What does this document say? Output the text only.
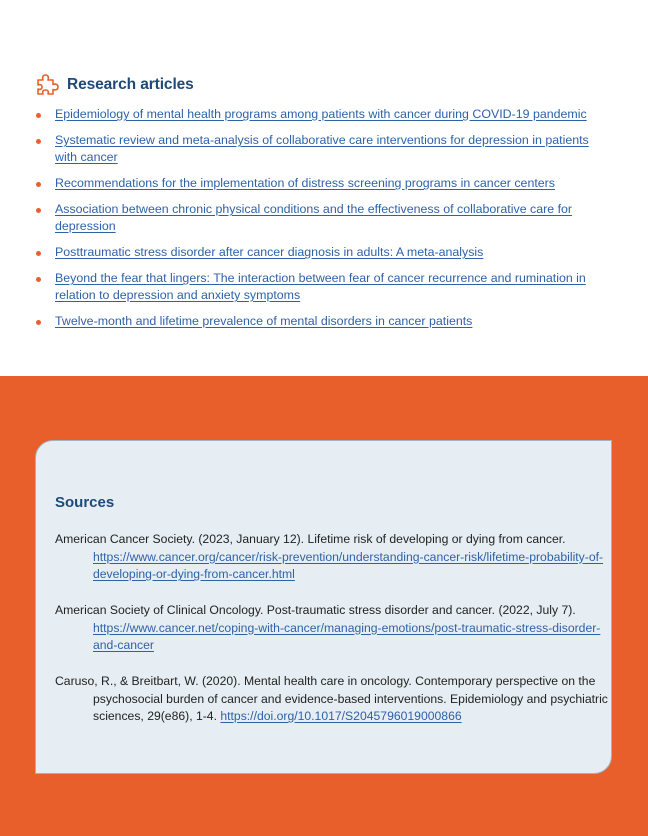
Research articles
Epidemiology of mental health programs among patients with cancer during COVID-19 pandemic
Systematic review and meta-analysis of collaborative care interventions for depression in patients with cancer
Recommendations for the implementation of distress screening programs in cancer centers
Association between chronic physical conditions and the effectiveness of collaborative care for depression
Posttraumatic stress disorder after cancer diagnosis in adults: A meta-analysis
Beyond the fear that lingers: The interaction between fear of cancer recurrence and rumination in relation to depression and anxiety symptoms
Twelve-month and lifetime prevalence of mental disorders in cancer patients
Sources
American Cancer Society. (2023, January 12). Lifetime risk of developing or dying from cancer. https://www.cancer.org/cancer/risk-prevention/understanding-cancer-risk/lifetime-probability-of-developing-or-dying-from-cancer.html
American Society of Clinical Oncology. Post-traumatic stress disorder and cancer. (2022, July 7). https://www.cancer.net/coping-with-cancer/managing-emotions/post-traumatic-stress-disorder-and-cancer
Caruso, R., & Breitbart, W. (2020). Mental health care in oncology. Contemporary perspective on the psychosocial burden of cancer and evidence-based interventions. Epidemiology and psychiatric sciences, 29(e86), 1-4. https://doi.org/10.1017/S2045796019000866
